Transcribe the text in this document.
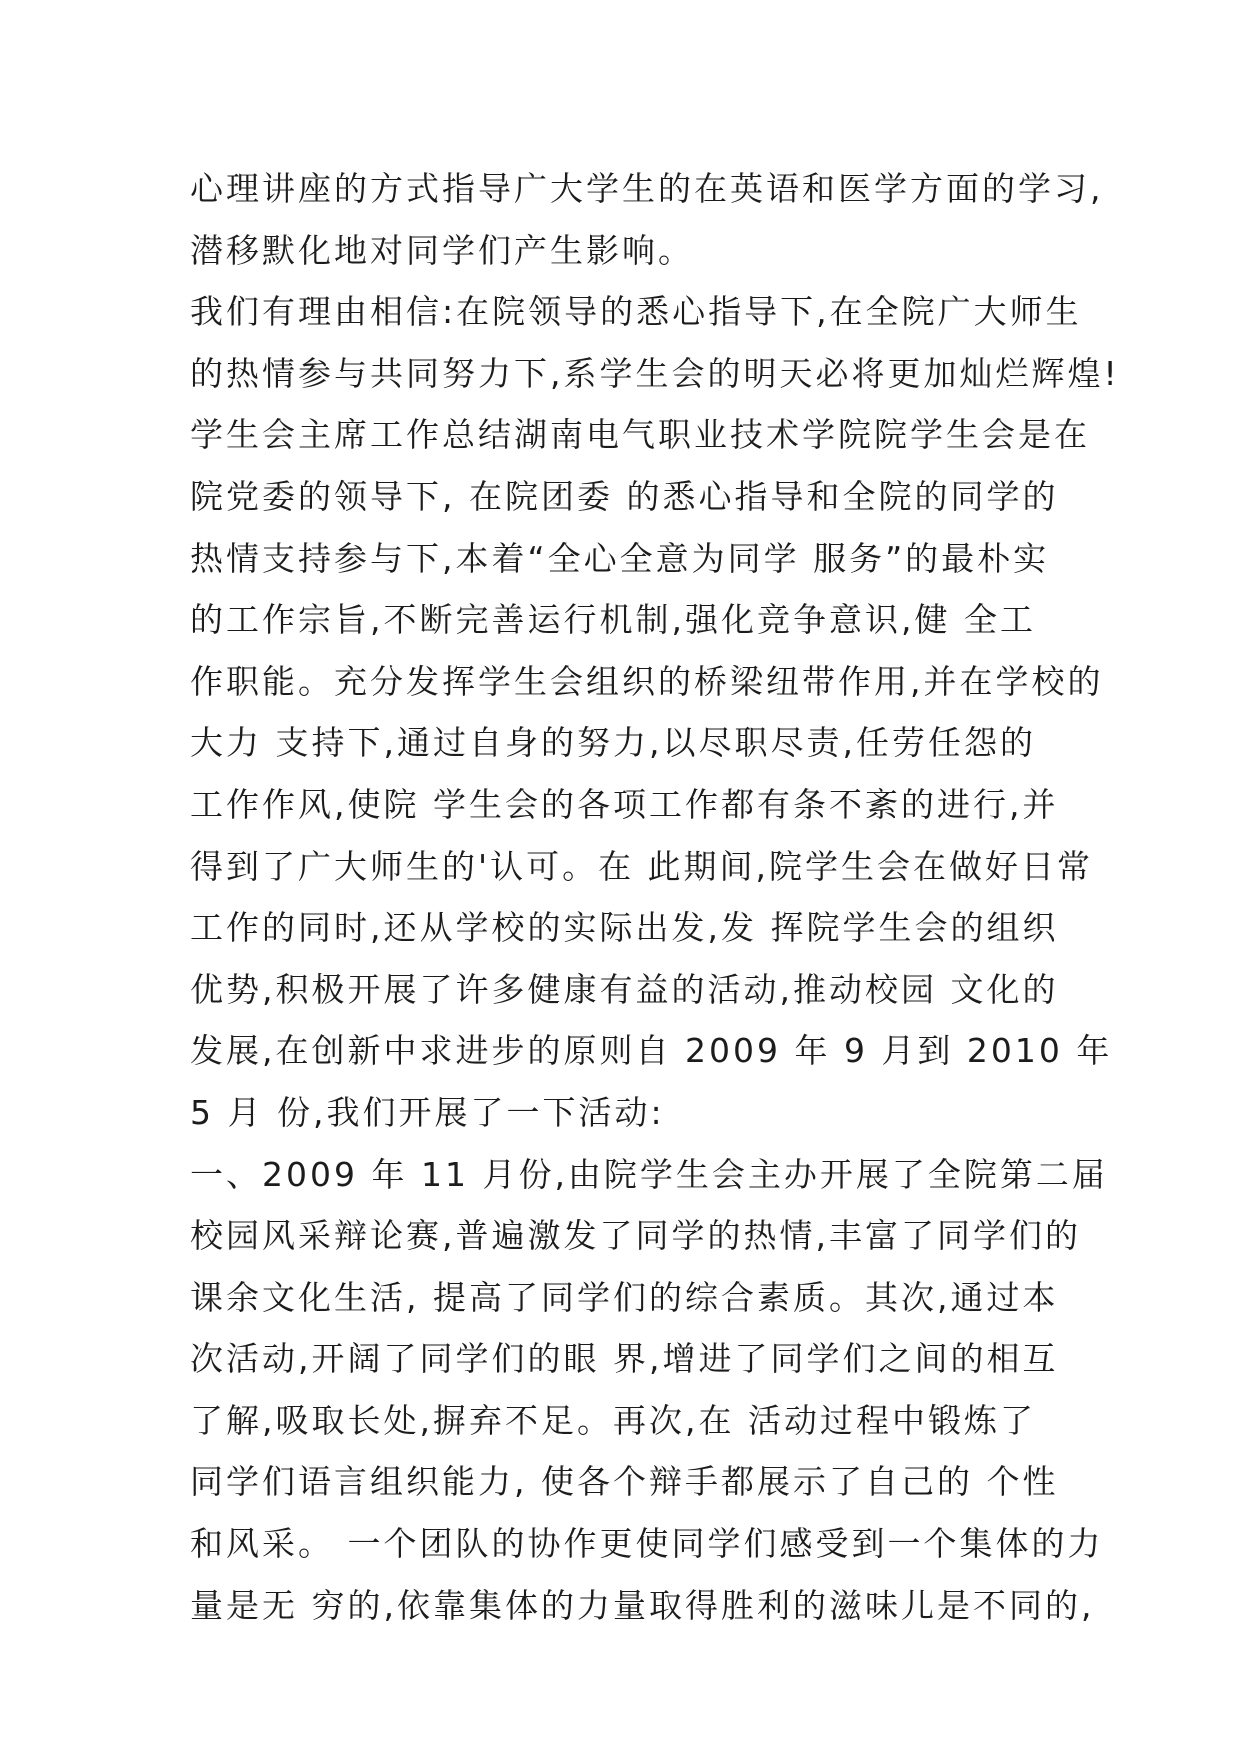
心理讲座的方式指导广大学生的在英语和医学方面的学习,
潜移默化地对同学们产生影响。
我们有理由相信:在院领导的悉心指导下,在全院广大师生
的热情参与共同努力下,系学生会的明天必将更加灿烂辉煌!
学生会主席工作总结湖南电气职业技术学院院学生会是在
院党委的领导下, 在院团委 的悉心指导和全院的同学的
热情支持参与下,本着“全心全意为同学 服务”的最朴实
的工作宗旨,不断完善运行机制,强化竞争意识,健 全工
作职能。充分发挥学生会组织的桥梁纽带作用,并在学校的
大力 支持下,通过自身的努力,以尽职尽责,任劳任怨的
工作作风,使院 学生会的各项工作都有条不紊的进行,并
得到了广大师生的'认可。在 此期间,院学生会在做好日常
工作的同时,还从学校的实际出发,发 挥院学生会的组织
优势,积极开展了许多健康有益的活动,推动校园 文化的
发展,在创新中求进步的原则自 2009 年 9 月到 2010 年
5 月 份,我们开展了一下活动:
一、2009 年 11 月份,由院学生会主办开展了全院第二届
校园风采辩论赛,普遍激发了同学的热情,丰富了同学们的
课余文化生活, 提高了同学们的综合素质。其次,通过本
次活动,开阔了同学们的眼 界,增进了同学们之间的相互
了解,吸取长处,摒弃不足。再次,在 活动过程中锻炼了
同学们语言组织能力, 使各个辩手都展示了自己的 个性
和风采。 一个团队的协作更使同学们感受到一个集体的力
量是无 穷的,依靠集体的力量取得胜利的滋味儿是不同的,
